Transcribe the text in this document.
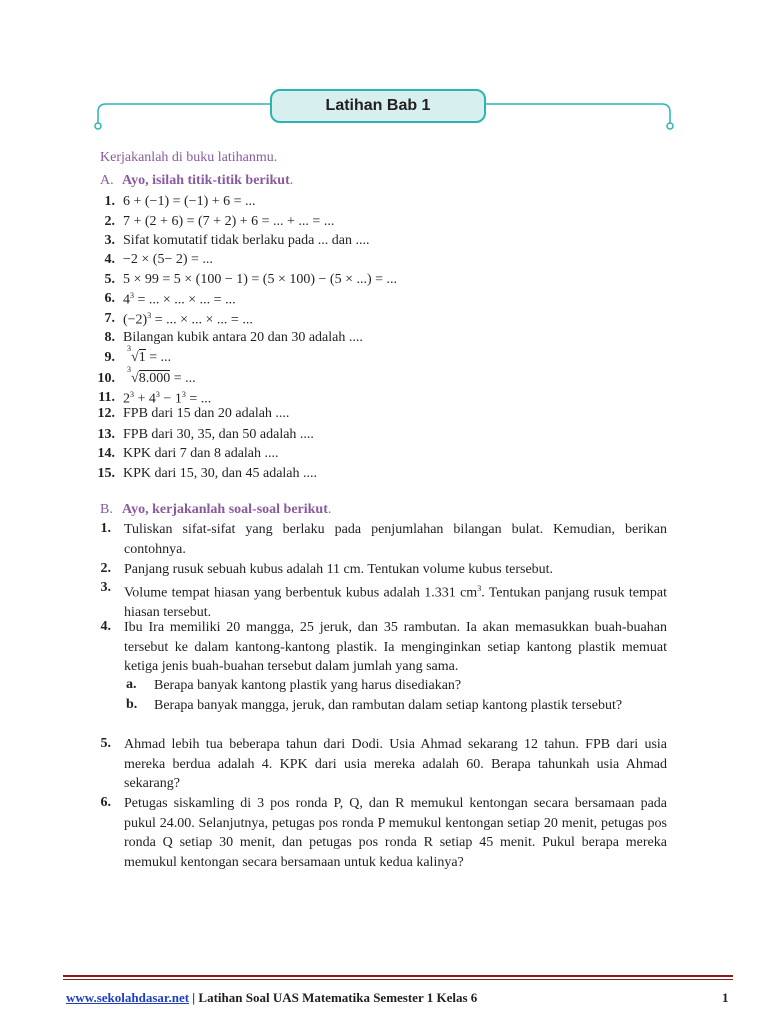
Latihan Bab 1
Kerjakanlah di buku latihanmu.
A. Ayo, isilah titik-titik berikut.
1. 6 + (−1) = (−1) + 6 = ...
2. 7 + (2 + 6) = (7 + 2) + 6 = ... + ... = ...
3. Sifat komutatif tidak berlaku pada ... dan ....
4. −2 × (5− 2) = ...
5. 5 × 99 = 5 × (100 − 1) = (5 × 100) − (5 × ...) = ...
6. $4^3$ = ... × ... × ... = ...
7. $(-2)^3$ = ... × ... × ... = ...
8. Bilangan kubik antara 20 dan 30 adalah ....
9.
3
√1 = ...
10.
3
√8.000 = ...
11. $2^3 + 4^3 - 1^3$ = ...
12. FPB dari 15 dan 20 adalah ....
13. FPB dari 30, 35, dan 50 adalah ....
14. KPK dari 7 dan 8 adalah ....
15. KPK dari 15, 30, dan 45 adalah ....
B. Ayo, kerjakanlah soal-soal berikut.
1. Tuliskan sifat-sifat yang berlaku pada penjumlahan bilangan bulat. Kemudian, berikan contohnya.
2. Panjang rusuk sebuah kubus adalah 11 cm. Tentukan volume kubus tersebut.
3. Volume tempat hiasan yang berbentuk kubus adalah 1.331 $cm^3$. Tentukan panjang rusuk tempat hiasan tersebut.
4. Ibu Ira memiliki 20 mangga, 25 jeruk, dan 35 rambutan. Ia akan memasukkan buah-buahan tersebut ke dalam kantong-kantong plastik. Ia menginginkan setiap kantong plastik memuat ketiga jenis buah-buahan tersebut dalam jumlah yang sama.
a. Berapa banyak kantong plastik yang harus disediakan?
b. Berapa banyak mangga, jeruk, dan rambutan dalam setiap kantong plastik tersebut?
5. Ahmad lebih tua beberapa tahun dari Dodi. Usia Ahmad sekarang 12 tahun. FPB dari usia mereka berdua adalah 4. KPK dari usia mereka adalah 60. Berapa tahunkah usia Ahmad sekarang?
6. Petugas siskamling di 3 pos ronda P, Q, dan R memukul kentongan secara bersamaan pada pukul 24.00. Selanjutnya, petugas pos ronda P memukul kentongan setiap 20 menit, petugas pos ronda Q setiap 30 menit, dan petugas pos ronda R setiap 45 menit. Pukul berapa mereka memukul kentongan secara bersamaan untuk kedua kalinya?
www.sekolahdasar.net | Latihan Soal UAS Matematika Semester 1 Kelas 6	1
